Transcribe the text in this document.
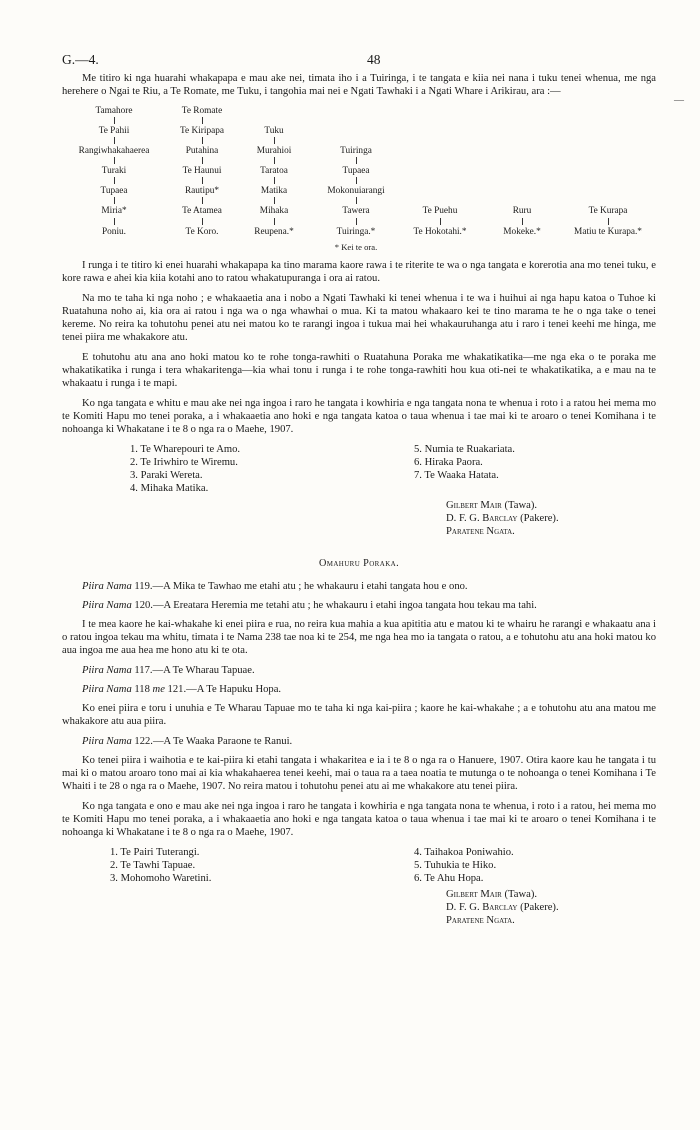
G.—4.	48
—

Me titiro ki nga huarahi whakapapa e mau ake nei, timata iho i a Tuiringa, i te tangata e kiia nei nana i tuku tenei whenua, me nga herehere o Ngai te Riu, a Te Romate, me Tuku, i tangohia mai nei e Ngati Tawhaki i a Ngati Whare i Arikirau, ara :—

Tamahore	Te Romate
Te Pahii	Te Kiripapa	Tuku
Rangiwhakahaerea	Putahina	Murahioi	Tuiringa
Turaki	Te Haunui	Taratoa	Tupaea
Tupaea	Rautipu*	Matika	Mokonuiarangi
Miria*	Te Atamea	Mihaka	Tawera	Te Puehu	Ruru	Te Kurapa
Poniu.	Te Koro.	Reupena.*	Tuiringa.*	Te Hokotahi.*	Mokeke.*	Matiu te Kurapa.*
* Kei te ora.

I runga i te titiro ki enei huarahi whakapapa ka tino marama kaore rawa i te riterite te wa o nga tangata e korerotia ana mo tenei tuku, e kore rawa e ahei kia kiia kotahi ano to ratou whakatupuranga i ora ai ratou.

Na mo te taha ki nga noho ; e whakaaetia ana i nobo a Ngati Tawhaki ki tenei whenua i te wa i huihui ai nga hapu katoa o Tuhoe ki Ruatahuna noho ai, kia ora ai ratou i nga wa o nga whawhai o mua. Ki ta matou whakaaro kei te tino marama te he o nga take o tenei kereme. No reira ka tohutohu penei atu nei matou ko te rarangi ingoa i tukua mai hei whakauruhanga atu i raro i tenei keehi me hinga, me tenei piira me whakakore atu.

E tohutohu atu ana ano hoki matou ko te rohe tonga-rawhiti o Ruatahuna Poraka me whakatikatika—me nga eka o te poraka me whakatikatika i runga i tera whakaritenga—kia whai tonu i runga i te rohe tonga-rawhiti hou kua oti-nei te whakatikatika, a e mau na te whakaatu i runga i te mapi.

Ko nga tangata e whitu e mau ake nei nga ingoa i raro he tangata i kowhiria e nga tangata nona te whenua i roto i a ratou hei mema mo te Komiti Hapu mo tenei poraka, a i whakaaetia ano hoki e nga tangata katoa o taua whenua i tae mai ki te aroaro o tenei Komihana i te nohoanga ki Whakatane i te 8 o nga ra o Maehe, 1907.

1. Te Wharepouri te Amo.
2. Te Iriwhiro te Wiremu.
3. Paraki Wereta.
4. Mihaka Matika.
5. Numia te Ruakariata.
6. Hiraka Paora.
7. Te Waaka Hatata.
Gilbert Mair (Tawa).
D. F. G. Barclay (Pakere).
Paratene Ngata.
Omahuru Poraka.
Piira Nama 119.—A Mika te Tawhao me etahi atu ; he whakauru i etahi tangata hou e ono.
Piira Nama 120.—A Ereatara Heremia me tetahi atu ; he whakauru i etahi ingoa tangata hou tekau ma tahi.

I te mea kaore he kai-whakahe ki enei piira e rua, no reira kua mahia a kua apititia atu e matou ki te whairu he rarangi e whakaatu ana i o ratou ingoa tekau ma whitu, timata i te Nama 238 tae noa ki te 254, me nga hea mo ia tangata o ratou, a e tohutohu atu ana hoki matou ko aua ingoa me aua hea me hono atu ki te ota.

Piira Nama 117.—A Te Wharau Tapuae.
Piira Nama 118 me 121.—A Te Hapuku Hopa.

Ko enei piira e toru i unuhia e Te Wharau Tapuae mo te taha ki nga kai-piira ; kaore he kai-whakahe ; a e tohutohu atu ana matou me whakakore atu aua piira.

Piira Nama 122.—A Te Waaka Paraone te Ranui.

Ko tenei piira i waihotia e te kai-piira ki etahi tangata i whakaritea e ia i te 8 o nga ra o Hanuere, 1907. Otira kaore kau he tangata i tu mai ki o matou aroaro tono mai ai kia whakahaerea tenei keehi, mai o taua ra a taea noatia te mutunga o te nohoanga o tenei Komihana i Te Whaiti i te 28 o nga ra o Maehe, 1907. No reira matou i tohutohu penei atu ai me whakakore atu tenei piira.

Ko nga tangata e ono e mau ake nei nga ingoa i raro he tangata i kowhiria e nga tangata nona te whenua, i roto i a ratou, hei mema mo te Komiti Hapu mo tenei poraka, a i whakaaetia ano hoki e nga tangata katoa o taua whenua i tae mai ki te aroaro o tenei Komihana i te nohoanga ki Whakatane i te 8 o nga ra o Maehe, 1907.

1. Te Pairi Tuterangi.
2. Te Tawhi Tapuae.
3. Mohomoho Waretini.
4. Taihakoa Poniwahio.
5. Tuhukia te Hiko.
6. Te Ahu Hopa.
Gilbert Mair (Tawa).
D. F. G. Barclay (Pakere).
Paratene Ngata.
